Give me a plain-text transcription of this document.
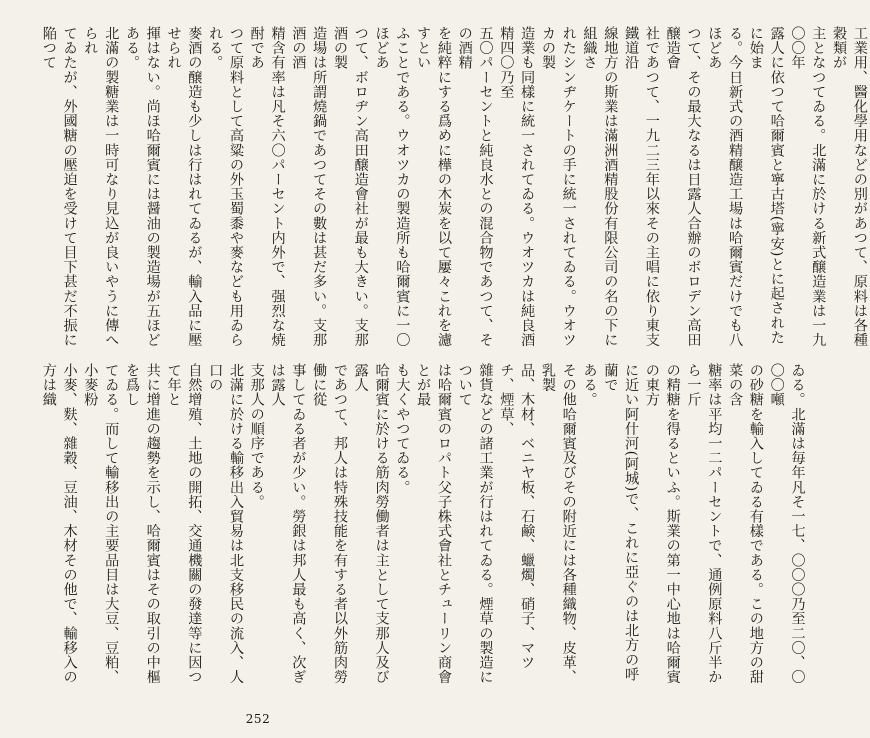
工業用、醫化學用などの別があつて、原料は各種穀類が
主となつてゐる。北滿に於ける新式醸造業は一九〇〇年
露人に依つて哈爾賓と寧古塔(寧安)とに起されたに始ま
る。今日新式の酒精醸造工場は哈爾賓だけでも八ほどあ
つて、その最大なるは日露人合辦のボロデン高田醸造會
社であつて、一九二三年以來その主唱に依り東支鐵道沿
線地方の斯業は滿洲酒精股份有限公司の名の下に組織さ
れたシンヂケートの手に統一されてゐる。ウオツカの製
造業も同樣に統一されてゐる。ウオツカは純良酒精四〇乃至
五〇パーセントと純良水との混合物であつて、その酒精
を純粹にする爲めに樺の木炭を以て屢々これを濾すとい
ふことである。ウオツカの製造所も哈爾賓に一〇ほどあ
つて、ボロヂン高田醸造會社が最も大きい。支那酒の製
造場は所謂燒鍋であつてその數は甚だ多い。支那酒の酒
精含有率は凡そ六〇パーセント内外で、强烈な焼酎であ
つて原料として高粱の外玉蜀黍や麥なども用ゐられる。
麥酒の醸造も少しは行はれてゐるが、輸入品に壓せられ
揮はない。尚ほ哈爾賓には醤油の製造場が五ほどある。
北滿の製糖業は一時可なり見込が良いやうに傳へられ
てゐたが、外國糖の壓迫を受けて目下甚だ不振に陥つて

ゐる。北滿は毎年凡そ一七、〇〇〇乃至二〇、〇〇〇噸
の砂糖を輸入してゐる有樣である。この地方の甜菜の含
糖率は平均一二パーセントで、通例原料八斤半から一斤
の精糖を得るといふ。斯業の第一中心地は哈爾賓の東方
に近い阿什河(阿城)で、これに亞ぐのは北方の呼蘭で
ある。
その他哈爾賓及びその附近には各種織物、皮革、乳製
品、木材、ベニヤ板、石鹸、蠟燭、硝子、マツチ、煙草、
雜貨などの諸工業が行はれてゐる。煙草の製造について
は哈爾賓のロパト父子株式會社とチューリン商會とが最
も大くやつてゐる。
哈爾賓に於ける筋肉勞働者は主として支那人及び露人
であつて、邦人は特殊技能を有する者以外筋肉勞働に從
事してゐる者が少い。勞銀は邦人最も高く、次ぎは露人
支那人の順序である。
北滿に於ける輸移出入貿易は北支移民の流入、人口の
自然增殖、土地の開拓、交通機關の發達等に因つて年と
共に增進の趨勢を示し、哈爾賓はその取引の中樞を爲し
てゐる。而して輸移出の主要品目は大豆、豆粕、小麥粉
小麥、麩、雜穀、豆油、木材その他で、輸移入の方は織

252
